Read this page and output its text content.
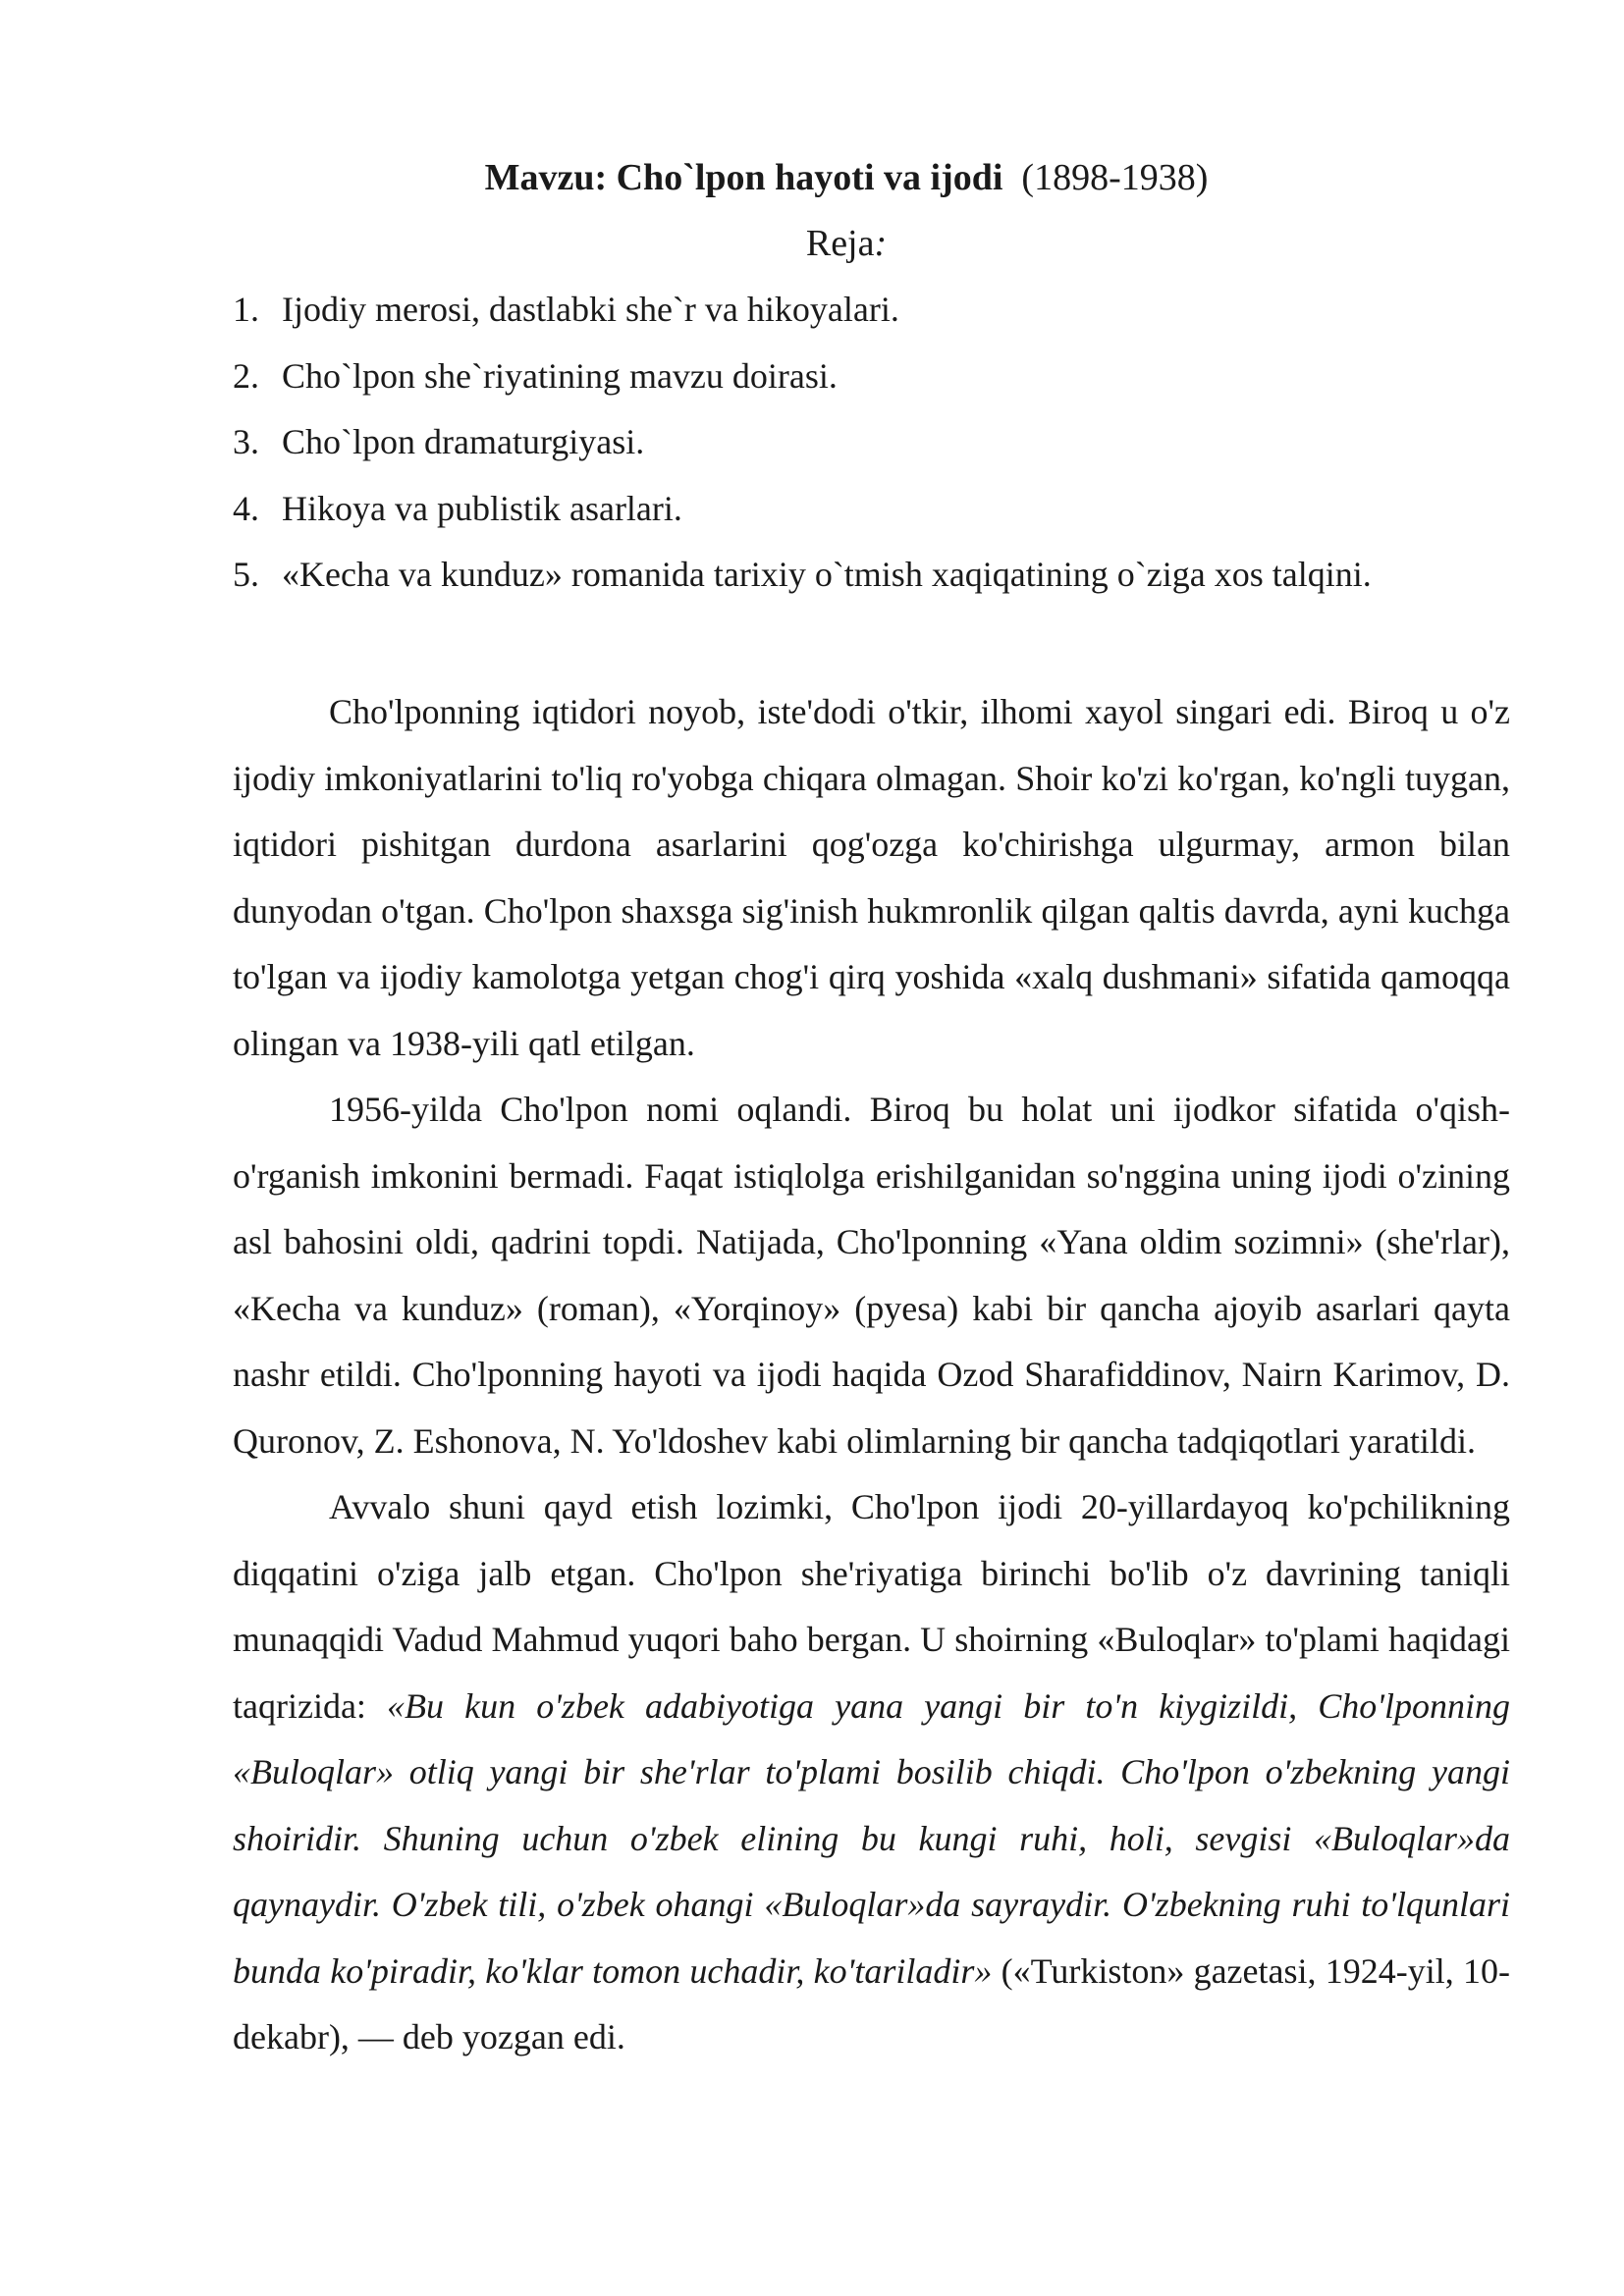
Mavzu: Cho`lpon hayoti va ijodi (1898-1938)
Reja:
1. Ijodiy merosi, dastlabki she`r va hikoyalari.
2. Cho`lpon she`riyatining mavzu doirasi.
3. Cho`lpon dramaturgiyasi.
4. Hikoya va publistik asarlari.
5. «Kecha va kunduz» romanida tarixiy o`tmish xaqiqatining o`ziga xos talqini.

Cho'lponning iqtidori noyob, iste'dodi o'tkir, ilhomi xayol singari edi. Biroq u o'z ijodiy imkoniyatlarini to'liq ro'yobga chiqara olmagan. Shoir ko'zi ko'rgan, ko'ngli tuygan, iqtidori pishitgan durdona asarlarini qog'ozga ko'chirishga ulgurmay, armon bilan dunyodan o'tgan. Cho'lpon shaxsga sig'inish hukmronlik qilgan qaltis davrda, ayni kuchga to'lgan va ijodiy kamolotga yetgan chog'i qirq yoshida «xalq dushmani» sifatida qamoqqa olingan va 1938-yili qatl etilgan.

1956-yilda Cho'lpon nomi oqlandi. Biroq bu holat uni ijodkor sifatida o'qish-o'rganish imkonini bermadi. Faqat istiqlolga erishilganidan so'nggina uning ijodi o'zining asl bahosini oldi, qadrini topdi. Natijada, Cho'lponning «Yana oldim sozimni» (she'rlar), «Kecha va kunduz» (roman), «Yorqinoy» (pyesa) kabi bir qancha ajoyib asarlari qayta nashr etildi. Cho'lponning hayoti va ijodi haqida Ozod Sharafiddinov, Nairn Karimov, D. Quronov, Z. Eshonova, N. Yo'ldoshev kabi olimlarning bir qancha tadqiqotlari yaratildi.

Avvalo shuni qayd etish lozimki, Cho'lpon ijodi 20-yillardayoq ko'pchilikning diqqatini o'ziga jalb etgan. Cho'lpon she'riyatiga birinchi bo'lib o'z davrining taniqli munaqqidi Vadud Mahmud yuqori baho bergan. U shoirning «Buloqlar» to'plami haqidagi taqrizida: «Bu kun o'zbek adabiyotiga yana yangi bir to'n kiygizildi, Cho'lponning «Buloqlar» otliq yangi bir she'rlar to'plami bosilib chiqdi. Cho'lpon o'zbekning yangi shoiridir. Shuning uchun o'zbek elining bu kungi ruhi, holi, sevgisi «Buloqlar»da qaynaydir. O'zbek tili, o'zbek ohangi «Buloqlar»da sayraydir. O'zbekning ruhi to'lqunlari bunda ko'piradir, ko'klar tomon uchadir, ko'tariladir» («Turkiston» gazetasi, 1924-yil, 10-dekabr), — deb yozgan edi.
